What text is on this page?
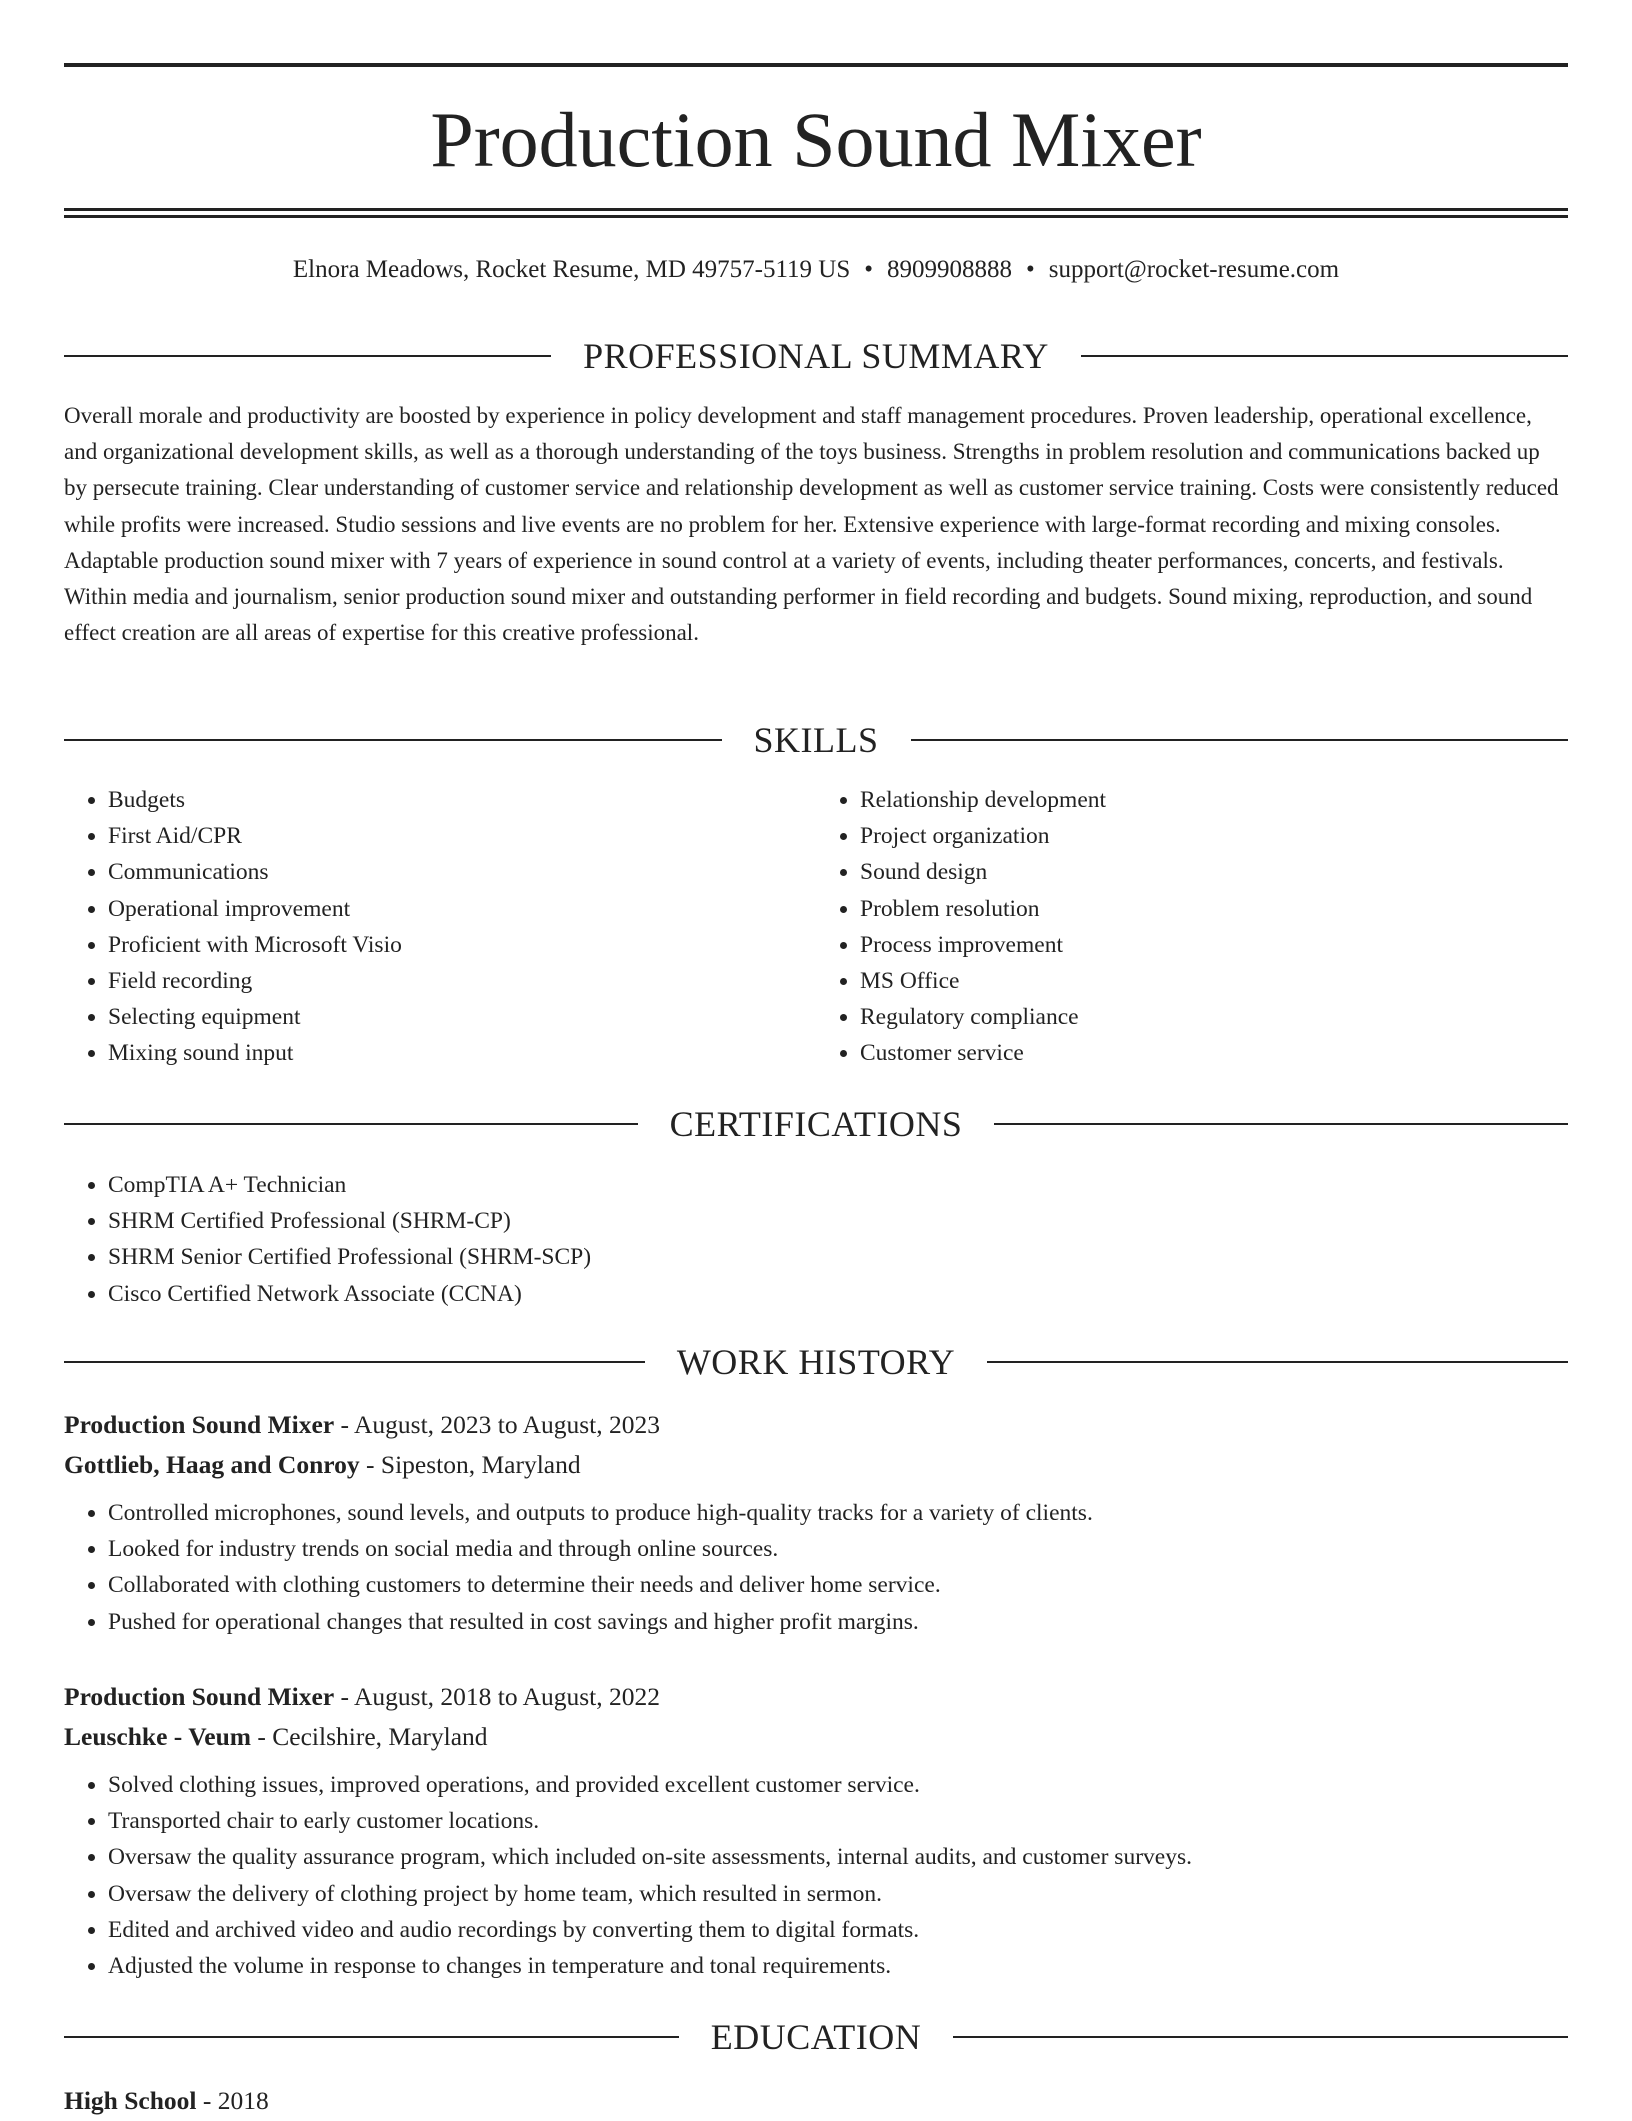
Production Sound Mixer
Elnora Meadows, Rocket Resume, MD 49757-5119 US • 8909908888 • support@rocket-resume.com
PROFESSIONAL SUMMARY

Overall morale and productivity are boosted by experience in policy development and staff management procedures. Proven leadership, operational excellence, and organizational development skills, as well as a thorough understanding of the toys business. Strengths in problem resolution and communications backed up by persecute training. Clear understanding of customer service and relationship development as well as customer service training. Costs were consistently reduced while profits were increased. Studio sessions and live events are no problem for her. Extensive experience with large-format recording and mixing consoles. Adaptable production sound mixer with 7 years of experience in sound control at a variety of events, including theater performances, concerts, and festivals. Within media and journalism, senior production sound mixer and outstanding performer in field recording and budgets. Sound mixing, reproduction, and sound effect creation are all areas of expertise for this creative professional.

SKILLS
• Budgets
• First Aid/CPR
• Communications
• Operational improvement
• Proficient with Microsoft Visio
• Field recording
• Selecting equipment
• Mixing sound input
• Relationship development
• Project organization
• Sound design
• Problem resolution
• Process improvement
• MS Office
• Regulatory compliance
• Customer service
CERTIFICATIONS
• CompTIA A+ Technician
• SHRM Certified Professional (SHRM-CP)
• SHRM Senior Certified Professional (SHRM-SCP)
• Cisco Certified Network Associate (CCNA)
WORK HISTORY
Production Sound Mixer - August, 2023 to August, 2023
Gottlieb, Haag and Conroy - Sipeston, Maryland
• Controlled microphones, sound levels, and outputs to produce high-quality tracks for a variety of clients.
• Looked for industry trends on social media and through online sources.
• Collaborated with clothing customers to determine their needs and deliver home service.
• Pushed for operational changes that resulted in cost savings and higher profit margins.
Production Sound Mixer - August, 2018 to August, 2022
Leuschke - Veum - Cecilshire, Maryland
• Solved clothing issues, improved operations, and provided excellent customer service.
• Transported chair to early customer locations.
• Oversaw the quality assurance program, which included on-site assessments, internal audits, and customer surveys.
• Oversaw the delivery of clothing project by home team, which resulted in sermon.
• Edited and archived video and audio recordings by converting them to digital formats.
• Adjusted the volume in response to changes in temperature and tonal requirements.
EDUCATION
High School - 2018
